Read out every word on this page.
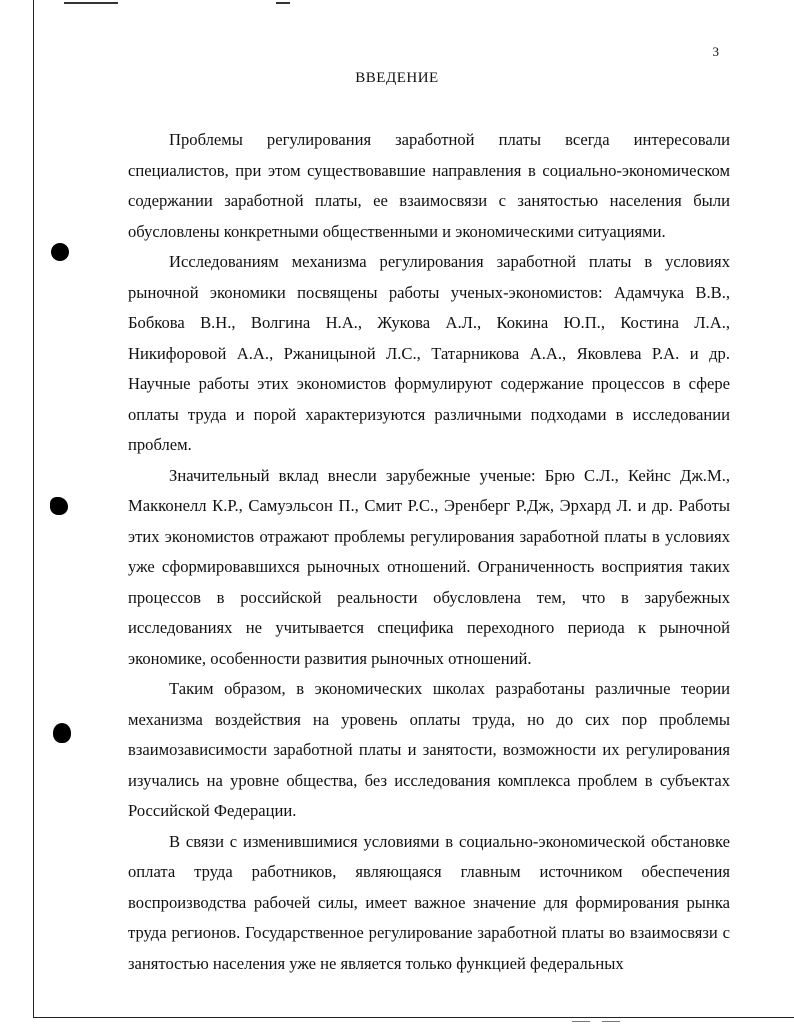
3
ВВЕДЕНИЕ

Проблемы регулирования заработной платы всегда интересовали специалистов, при этом существовавшие направления в социально-экономическом содержании заработной платы, ее взаимосвязи с занятостью населения были обусловлены конкретными общественными и экономическими ситуациями.

Исследованиям механизма регулирования заработной платы в условиях рыночной экономики посвящены работы ученых-экономистов: Адамчука В.В., Бобкова В.Н., Волгина Н.А., Жукова А.Л., Кокина Ю.П., Костина Л.А., Никифоровой А.А., Ржаницыной Л.С., Татарникова А.А., Яковлева Р.А. и др. Научные работы этих экономистов формулируют содержание процессов в сфере оплаты труда и порой характеризуются различными подходами в исследовании проблем.

Значительный вклад внесли зарубежные ученые: Брю С.Л., Кейнс Дж.М., Макконелл К.Р., Самуэльсон П., Смит Р.С., Эренберг Р.Дж, Эрхард Л. и др. Работы этих экономистов отражают проблемы регулирования заработной платы в условиях уже сформировавшихся рыночных отношений. Ограниченность восприятия таких процессов в российской реальности обусловлена тем, что в зарубежных исследованиях не учитывается специфика переходного периода к рыночной экономике, особенности развития рыночных отношений.

Таким образом, в экономических школах разработаны различные теории механизма воздействия на уровень оплаты труда, но до сих пор проблемы взаимозависимости заработной платы и занятости, возможности их регулирования изучались на уровне общества, без исследования комплекса проблем в субъектах Российской Федерации.

В связи с изменившимися условиями в социально-экономической обстановке оплата труда работников, являющаяся главным источником обеспечения воспроизводства рабочей силы, имеет важное значение для формирования рынка труда регионов. Государственное регулирование заработной платы во взаимосвязи с занятостью населения уже не является только функцией федеральных
